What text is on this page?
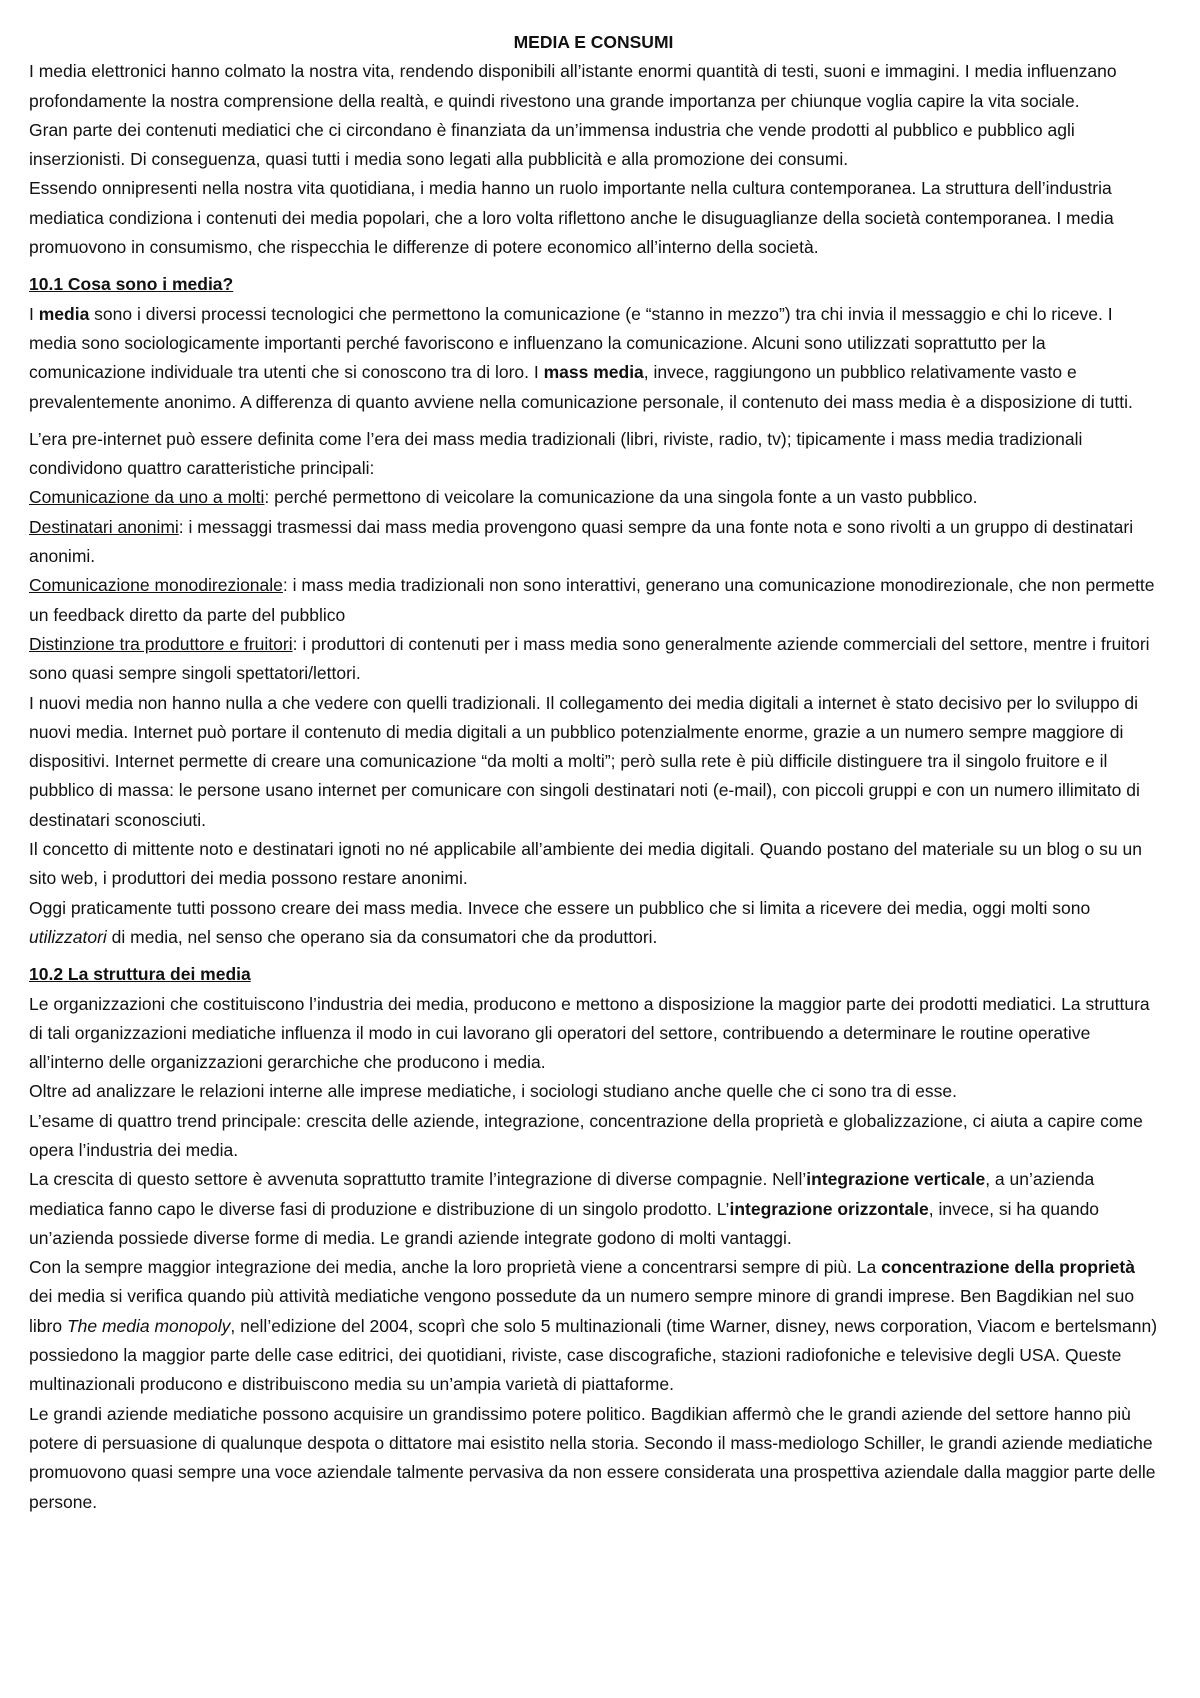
MEDIA E CONSUMI

I media elettronici hanno colmato la nostra vita, rendendo disponibili all’istante enormi quantità di testi, suoni e immagini. I media influenzano profondamente la nostra comprensione della realtà, e quindi rivestono una grande importanza per chiunque voglia capire la vita sociale.

Gran parte dei contenuti mediatici che ci circondano è finanziata da un’immensa industria che vende prodotti al pubblico e pubblico agli inserzionisti. Di conseguenza, quasi tutti i media sono legati alla pubblicità e alla promozione dei consumi.

Essendo onnipresenti nella nostra vita quotidiana, i media hanno un ruolo importante nella cultura contemporanea. La struttura dell’industria mediatica condiziona i contenuti dei media popolari, che a loro volta riflettono anche le disuguaglianze della società contemporanea. I media promuovono in consumismo, che rispecchia le differenze di potere economico all’interno della società.

10.1 Cosa sono i media?

I media sono i diversi processi tecnologici che permettono la comunicazione (e “stanno in mezzo”) tra chi invia il messaggio e chi lo riceve. I media sono sociologicamente importanti perché favoriscono e influenzano la comunicazione. Alcuni sono utilizzati soprattutto per la comunicazione individuale tra utenti che si conoscono tra di loro. I mass media, invece, raggiungono un pubblico relativamente vasto e prevalentemente anonimo. A differenza di quanto avviene nella comunicazione personale, il contenuto dei mass media è a disposizione di tutti.

L’era pre-internet può essere definita come l’era dei mass media tradizionali (libri, riviste, radio, tv); tipicamente i mass media tradizionali condividono quattro caratteristiche principali:

Comunicazione da uno a molti: perché permettono di veicolare la comunicazione da una singola fonte a un vasto pubblico.

Destinatari anonimi: i messaggi trasmessi dai mass media provengono quasi sempre da una fonte nota e sono rivolti a un gruppo di destinatari anonimi.

Comunicazione monodirezionale: i mass media tradizionali non sono interattivi, generano una comunicazione monodirezionale, che non permette un feedback diretto da parte del pubblico

Distinzione tra produttore e fruitori: i produttori di contenuti per i mass media sono generalmente aziende commerciali del settore, mentre i fruitori sono quasi sempre singoli spettatori/lettori.

I nuovi media non hanno nulla a che vedere con quelli tradizionali. Il collegamento dei media digitali a internet è stato decisivo per lo sviluppo di nuovi media. Internet può portare il contenuto di media digitali a un pubblico potenzialmente enorme, grazie a un numero sempre maggiore di dispositivi. Internet permette di creare una comunicazione “da molti a molti”; però sulla rete è più difficile distinguere tra il singolo fruitore e il pubblico di massa: le persone usano internet per comunicare con singoli destinatari noti (e-mail), con piccoli gruppi e con un numero illimitato di destinatari sconosciuti.

Il concetto di mittente noto e destinatari ignoti no né applicabile all’ambiente dei media digitali. Quando postano del materiale su un blog o su un sito web, i produttori dei media possono restare anonimi.

Oggi praticamente tutti possono creare dei mass media. Invece che essere un pubblico che si limita a ricevere dei media, oggi molti sono utilizzatori di media, nel senso che operano sia da consumatori che da produttori.

10.2 La struttura dei media

Le organizzazioni che costituiscono l’industria dei media, producono e mettono a disposizione la maggior parte dei prodotti mediatici. La struttura di tali organizzazioni mediatiche influenza il modo in cui lavorano gli operatori del settore, contribuendo a determinare le routine operative all’interno delle organizzazioni gerarchiche che producono i media.

Oltre ad analizzare le relazioni interne alle imprese mediatiche, i sociologi studiano anche quelle che ci sono tra di esse.

L’esame di quattro trend principale: crescita delle aziende, integrazione, concentrazione della proprietà e globalizzazione, ci aiuta a capire come opera l’industria dei media.

La crescita di questo settore è avvenuta soprattutto tramite l’integrazione di diverse compagnie. Nell’integrazione verticale, a un’azienda mediatica fanno capo le diverse fasi di produzione e distribuzione di un singolo prodotto. L’integrazione orizzontale, invece, si ha quando un’azienda possiede diverse forme di media. Le grandi aziende integrate godono di molti vantaggi.

Con la sempre maggior integrazione dei media, anche la loro proprietà viene a concentrarsi sempre di più. La concentrazione della proprietà dei media si verifica quando più attività mediatiche vengono possedute da un numero sempre minore di grandi imprese. Ben Bagdikian nel suo libro The media monopoly, nell’edizione del 2004, scoprì che solo 5 multinazionali (time Warner, disney, news corporation, Viacom e bertelsmann) possiedono la maggior parte delle case editrici, dei quotidiani, riviste, case discografiche, stazioni radiofoniche e televisive degli USA. Queste multinazionali producono e distribuiscono media su un’ampia varietà di piattaforme.

Le grandi aziende mediatiche possono acquisire un grandissimo potere politico. Bagdikian affermò che le grandi aziende del settore hanno più potere di persuasione di qualunque despota o dittatore mai esistito nella storia. Secondo il mass-mediologo Schiller, le grandi aziende mediatiche promuovono quasi sempre una voce aziendale talmente pervasiva da non essere considerata una prospettiva aziendale dalla maggior parte delle persone.
